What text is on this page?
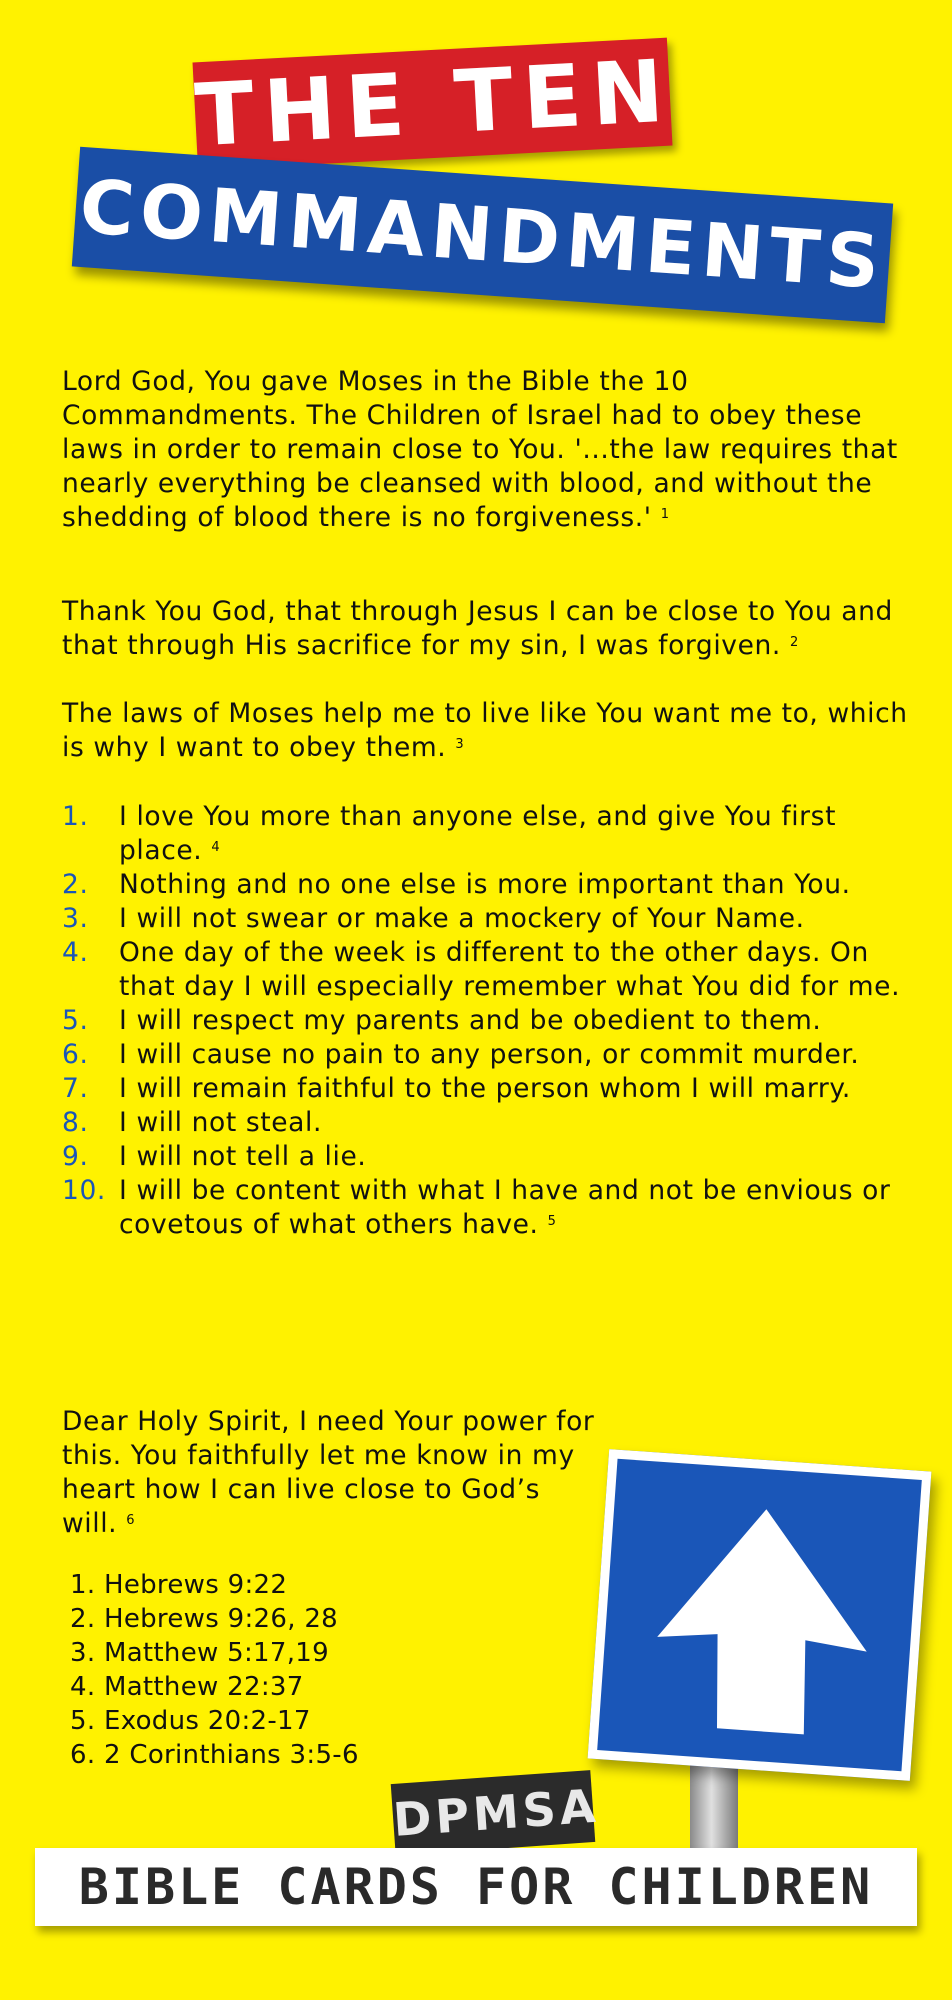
THE TEN
COMMANDMENTS
Lord God, You gave Moses in the Bible the 10 Commandments. The Children of Israel had to obey these laws in order to remain close to You. '...the law requires that nearly everything be cleansed with blood, and without the shedding of blood there is no forgiveness.' $^1$
Thank You God, that through Jesus I can be close to You and that through His sacrifice for my sin, I was forgiven. $^2$
The laws of Moses help me to live like You want me to, which is why I want to obey them. $^3$
1. I love You more than anyone else, and give You first place. $^4$
2. Nothing and no one else is more important than You.
3. I will not swear or make a mockery of Your Name.
4. One day of the week is different to the other days. On that day I will especially remember what You did for me.
5. I will respect my parents and be obedient to them.
6. I will cause no pain to any person, or commit murder.
7. I will remain faithful to the person whom I will marry.
8. I will not steal.
9. I will not tell a lie.
10. I will be content with what I have and not be envious or covetous of what others have. $^5$
Dear Holy Spirit, I need Your power for this. You faithfully let me know in my heart how I can live close to God’s will. $^6$
1. Hebrews 9:22
2. Hebrews 9:26, 28
3. Matthew 5:17,19
4. Matthew 22:37
5. Exodus 20:2-17
6. 2 Corinthians 3:5-6
DPMSA
BIBLE CARDS FOR CHILDREN
